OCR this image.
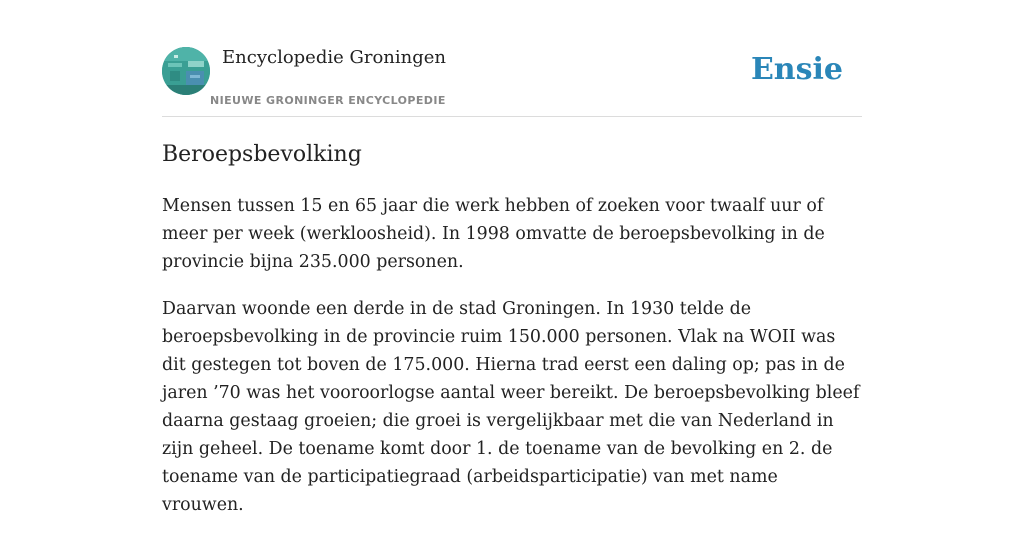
Encyclopedie Groningen
NIEUWE GRONINGER ENCYCLOPEDIE
Ensie
Beroepsbevolking

Mensen tussen 15 en 65 jaar die werk hebben of zoeken voor twaalf uur of meer per week (werkloosheid). In 1998 omvatte de beroepsbevolking in de provincie bijna 235.000 personen.

Daarvan woonde een derde in de stad Groningen. In 1930 telde de beroepsbevolking in de provincie ruim 150.000 personen. Vlak na WOII was dit gestegen tot boven de 175.000. Hierna trad eerst een daling op; pas in de jaren ’70 was het vooroorlogse aantal weer bereikt. De beroepsbevolking bleef daarna gestaag groeien; die groei is vergelijkbaar met die van Nederland in zijn geheel. De toename komt door 1. de toename van de bevolking en 2. de toename van de participatiegraad (arbeidsparticipatie) van met name vrouwen.
